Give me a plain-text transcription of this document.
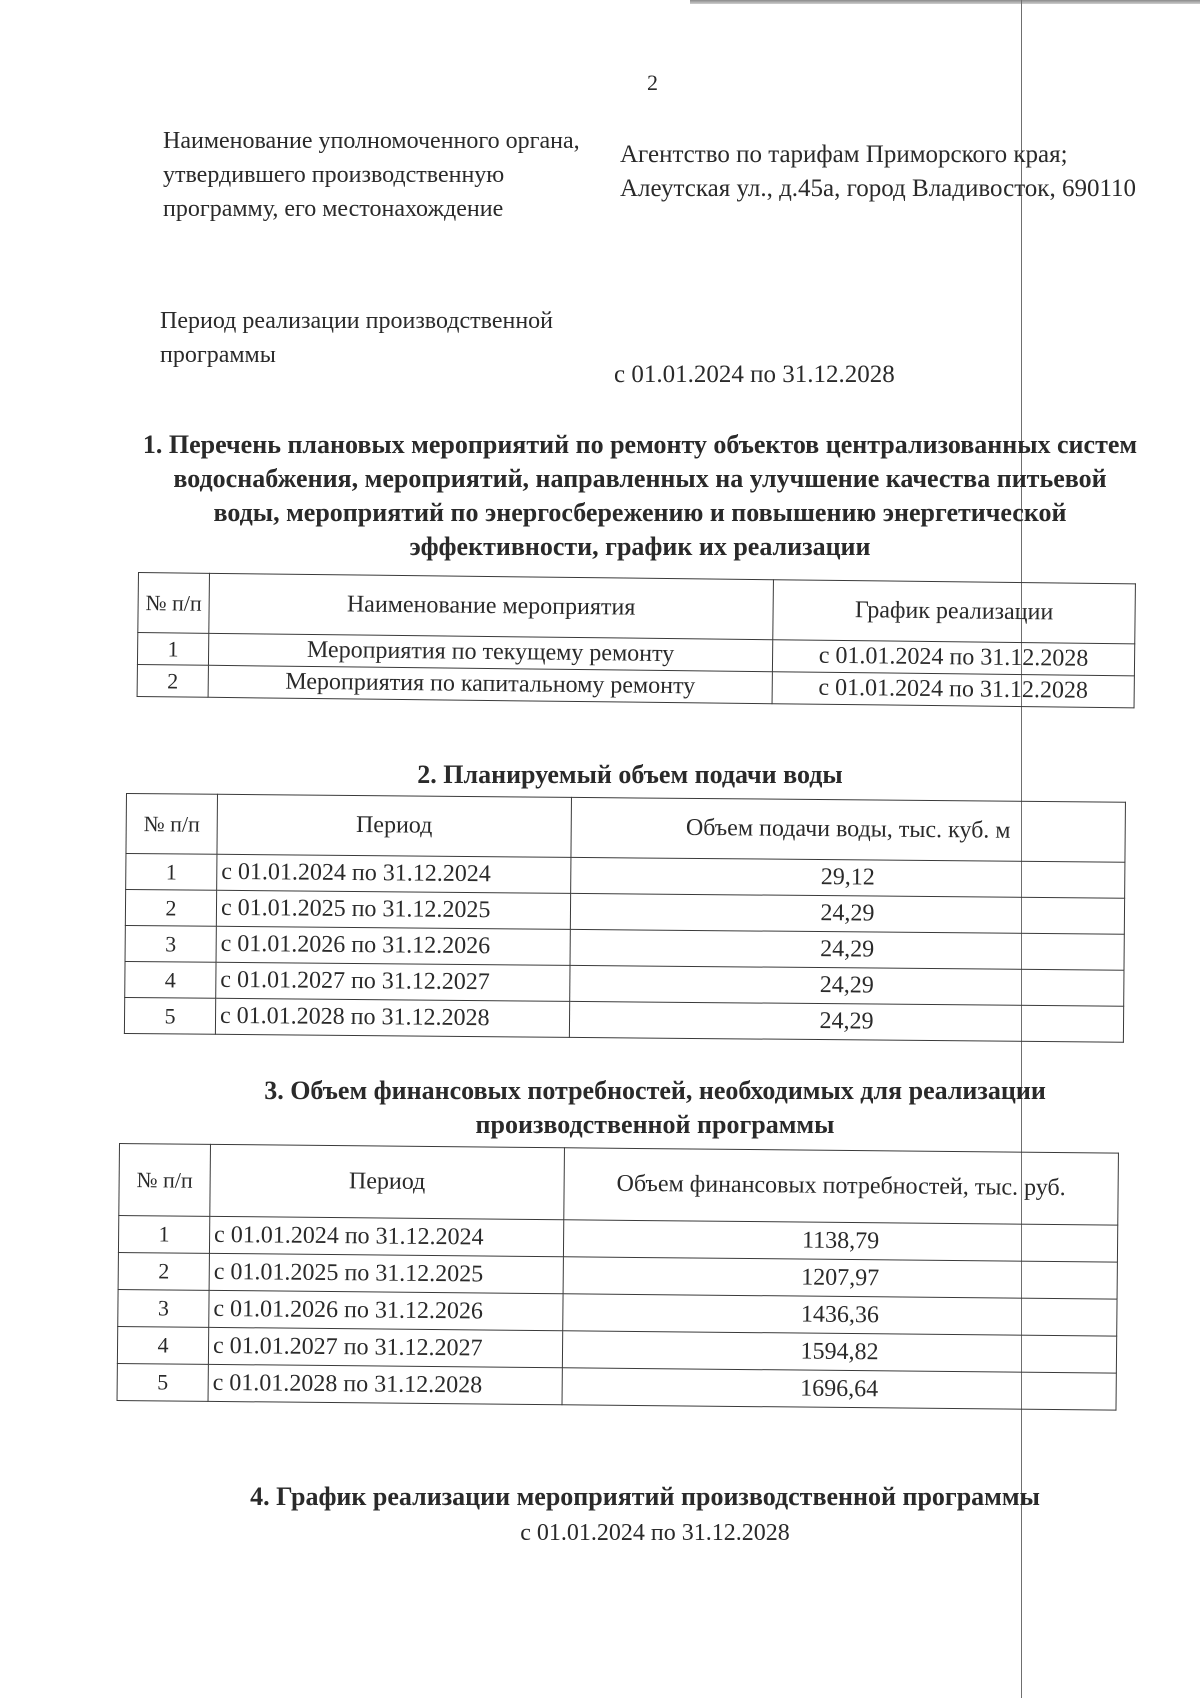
2
Наименование уполномоченного органа, утвердившего производственную программу, его местонахождение
Агентство по тарифам Приморского края; Алеутская ул., д.45а, город Владивосток, 690110
Период реализации производственной программы
с 01.01.2024 по 31.12.2028
1. Перечень плановых мероприятий по ремонту объектов централизованных систем водоснабжения, мероприятий, направленных на улучшение качества питьевой воды, мероприятий по энергосбережению и повышению энергетической эффективности, график их реализации
№ п/п	Наименование мероприятия	График реализации
1	Мероприятия по текущему ремонту	с 01.01.2024 по 31.12.2028
2	Мероприятия по капитальному ремонту	с 01.01.2024 по 31.12.2028
2. Планируемый объем подачи воды
№ п/п	Период	Объем подачи воды, тыс. куб. м
1	с 01.01.2024 по 31.12.2024	29,12
2	с 01.01.2025 по 31.12.2025	24,29
3	с 01.01.2026 по 31.12.2026	24,29
4	с 01.01.2027 по 31.12.2027	24,29
5	с 01.01.2028 по 31.12.2028	24,29
3. Объем финансовых потребностей, необходимых для реализации производственной программы
№ п/п	Период	Объем финансовых потребностей, тыс. руб.
1	с 01.01.2024 по 31.12.2024	1138,79
2	с 01.01.2025 по 31.12.2025	1207,97
3	с 01.01.2026 по 31.12.2026	1436,36
4	с 01.01.2027 по 31.12.2027	1594,82
5	с 01.01.2028 по 31.12.2028	1696,64
4. График реализации мероприятий производственной программы
с 01.01.2024 по 31.12.2028
